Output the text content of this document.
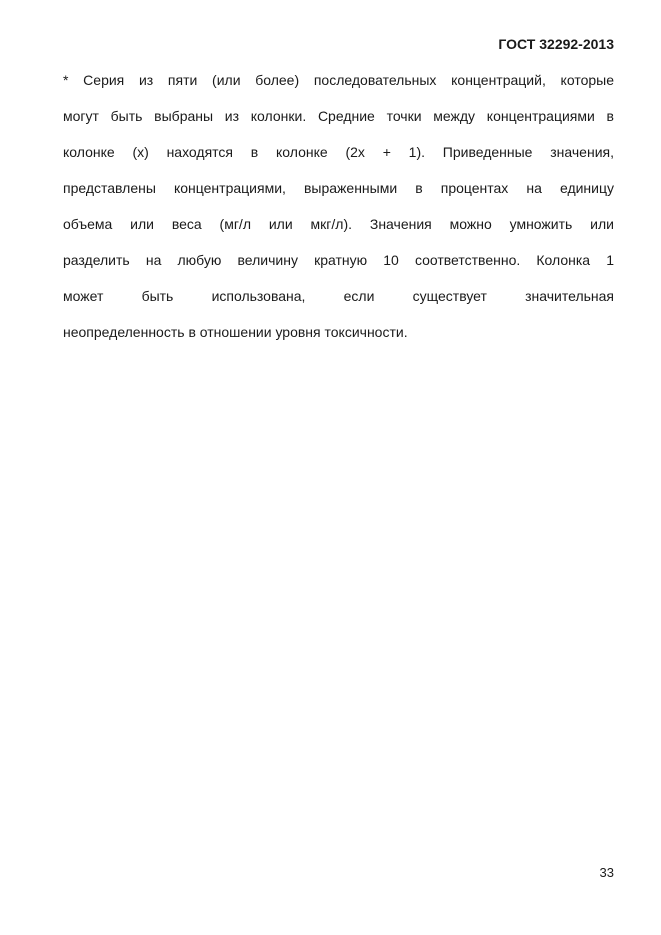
ГОСТ 32292-2013

* Серия из пяти (или более) последовательных концентраций, которые
могут быть выбраны из колонки. Средние точки между концентрациями в
колонке (x) находятся в колонке (2x + 1). Приведенные значения,
представлены концентрациями, выраженными в процентах на единицу
объема или веса (мг/л или мкг/л). Значения можно умножить или
разделить на любую величину кратную 10 соответственно. Колонка 1
может быть использована, если существует значительная
неопределенность в отношении уровня токсичности.

33
